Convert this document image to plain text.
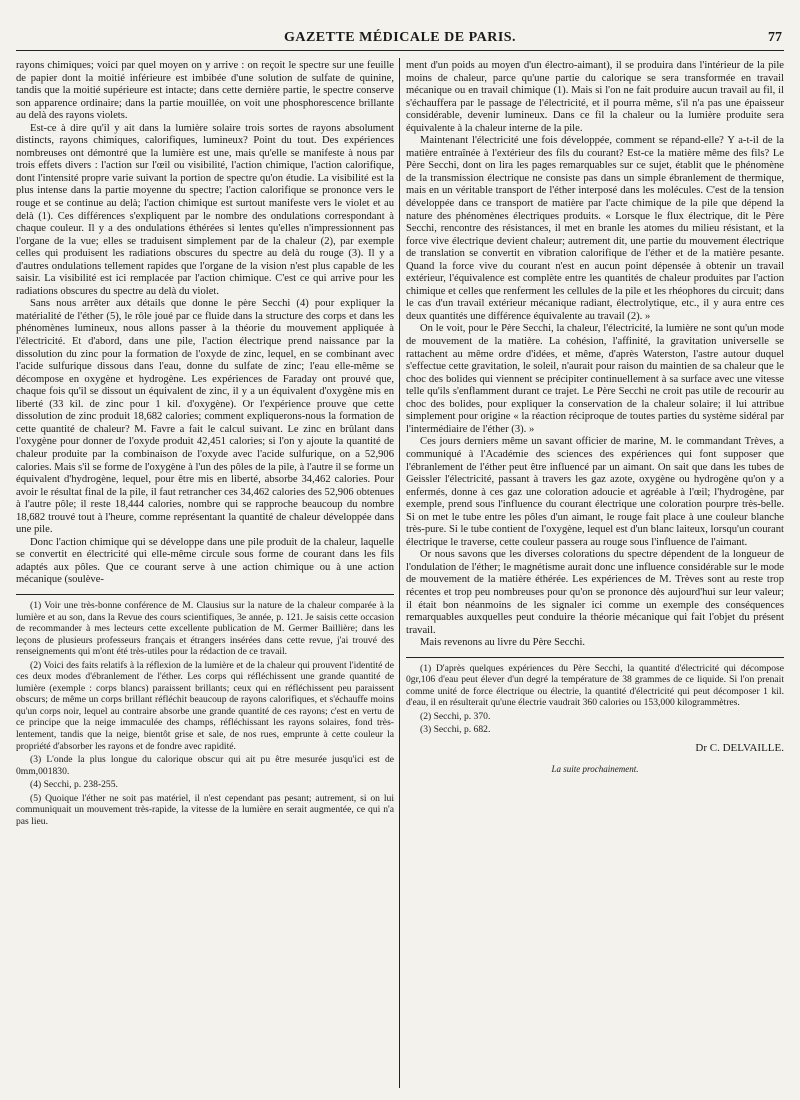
GAZETTE MÉDICALE DE PARIS.	77

rayons chimiques; voici par quel moyen on y arrive : on reçoit le spectre sur une feuille de papier dont la moitié inférieure est imbibée d'une solution de sulfate de quinine, tandis que la moitié supérieure est intacte; dans cette dernière partie, le spectre conserve son apparence ordinaire; dans la partie mouillée, on voit une phosphorescence brillante au delà des rayons violets.

Est-ce à dire qu'il y ait dans la lumière solaire trois sortes de rayons absolument distincts, rayons chimiques, calorifiques, lumineux? Point du tout. Des expériences nombreuses ont démontré que la lumière est une, mais qu'elle se manifeste à nous par trois effets divers : l'action sur l'œil ou visibilité, l'action chimique, l'action calorifique, dont l'intensité propre varie suivant la portion de spectre qu'on étudie. La visibilité est la plus intense dans la partie moyenne du spectre; l'action calorifique se prononce vers le rouge et se continue au delà; l'action chimique est surtout manifeste vers le violet et au delà (1). Ces différences s'expliquent par le nombre des ondulations correspondant à chaque couleur. Il y a des ondulations éthérées si lentes qu'elles n'impressionnent pas l'organe de la vue; elles se traduisent simplement par de la chaleur (2), par exemple celles qui produisent les radiations obscures du spectre au delà du rouge (3). Il y a d'autres ondulations tellement rapides que l'organe de la vision n'est plus capable de les saisir. La visibilité est ici remplacée par l'action chimique. C'est ce qui arrive pour les radiations obscures du spectre au delà du violet.

Sans nous arrêter aux détails que donne le père Secchi (4) pour expliquer la matérialité de l'éther (5), le rôle joué par ce fluide dans la structure des corps et dans les phénomènes lumineux, nous allons passer à la théorie du mouvement appliquée à l'électricité. Et d'abord, dans une pile, l'action électrique prend naissance par la dissolution du zinc pour la formation de l'oxyde de zinc, lequel, en se combinant avec l'acide sulfurique dissous dans l'eau, donne du sulfate de zinc; l'eau elle-même se décompose en oxygène et hydrogène. Les expériences de Faraday ont prouvé que, chaque fois qu'il se dissout un équivalent de zinc, il y a un équivalent d'oxygène mis en liberté (33 kil. de zinc pour 1 kil. d'oxygène). Or l'expérience prouve que cette dissolution de zinc produit 18,682 calories; comment expliquerons-nous la formation de cette quantité de chaleur? M. Favre a fait le calcul suivant. Le zinc en brûlant dans l'oxygène pour donner de l'oxyde produit 42,451 calories; si l'on y ajoute la quantité de chaleur produite par la combinaison de l'oxyde avec l'acide sulfurique, on a 52,906 calories. Mais s'il se forme de l'oxygène à l'un des pôles de la pile, à l'autre il se forme un équivalent d'hydrogène, lequel, pour être mis en liberté, absorbe 34,462 calories. Pour avoir le résultat final de la pile, il faut retrancher ces 34,462 calories des 52,906 obtenues à l'autre pôle; il reste 18,444 calories, nombre qui se rapproche beaucoup du nombre 18,682 trouvé tout à l'heure, comme représentant la quantité de chaleur développée dans une pile.

Donc l'action chimique qui se développe dans une pile produit de la chaleur, laquelle se convertit en électricité qui elle-même circule sous forme de courant dans les fils adaptés aux pôles. Que ce courant serve à une action chimique ou à une action mécanique (soulève-

(1) Voir une très-bonne conférence de M. Clausius sur la nature de la chaleur comparée à la lumière et au son, dans la Revue des cours scientifiques, 3e année, p. 121. Je saisis cette occasion de recommander à mes lecteurs cette excellente publication de M. Germer Baillière; dans les leçons de plusieurs professeurs français et étrangers insérées dans cette revue, j'ai trouvé des renseignements qui m'ont été très-utiles pour la rédaction de ce travail.

(2) Voici des faits relatifs à la réflexion de la lumière et de la chaleur qui prouvent l'identité de ces deux modes d'ébranlement de l'éther. Les corps qui réfléchissent une grande quantité de lumière (exemple : corps blancs) paraissent brillants; ceux qui en réfléchissent peu paraissent obscurs; de même un corps brillant réfléchit beaucoup de rayons calorifiques, et s'échauffe moins qu'un corps noir, lequel au contraire absorbe une grande quantité de ces rayons; c'est en vertu de ce principe que la neige immaculée des champs, réfléchissant les rayons solaires, fond très-lentement, tandis que la neige, bientôt grise et sale, de nos rues, emprunte à cette couleur la propriété d'absorber les rayons et de fondre avec rapidité.

(3) L'onde la plus longue du calorique obscur qui ait pu être mesurée jusqu'ici est de 0mm,001830.

(4) Secchi, p. 238-255.

(5) Quoique l'éther ne soit pas matériel, il n'est cependant pas pesant; autrement, si on lui communiquait un mouvement très-rapide, la vitesse de la lumière en serait augmentée, ce qui n'a pas lieu.

ment d'un poids au moyen d'un électro-aimant), il se produira dans l'intérieur de la pile moins de chaleur, parce qu'une partie du calorique se sera transformée en travail mécanique ou en travail chimique (1). Mais si l'on ne fait produire aucun travail au fil, il s'échauffera par le passage de l'électricité, et il pourra même, s'il n'a pas une épaisseur considérable, devenir lumineux. Dans ce fil la chaleur ou la lumière produite sera équivalente à la chaleur interne de la pile.

Maintenant l'électricité une fois développée, comment se répand-elle? Y a-t-il de la matière entraînée à l'extérieur des fils du courant? Est-ce la matière même des fils? Le Père Secchi, dont on lira les pages remarquables sur ce sujet, établit que le phénomène de la transmission électrique ne consiste pas dans un simple ébranlement de thermique, mais en un véritable transport de l'éther interposé dans les molécules. C'est de la tension développée dans ce transport de matière par l'acte chimique de la pile que dépend la nature des phénomènes électriques produits. « Lorsque le flux électrique, dit le Père Secchi, rencontre des résistances, il met en branle les atomes du milieu résistant, et la force vive électrique devient chaleur; autrement dit, une partie du mouvement électrique de translation se convertit en vibration calorifique de l'éther et de la matière pesante. Quand la force vive du courant n'est en aucun point dépensée à obtenir un travail extérieur, l'équivalence est complète entre les quantités de chaleur produites par l'action chimique et celles que renferment les cellules de la pile et les rhéophores du circuit; dans le cas d'un travail extérieur mécanique radiant, électrolytique, etc., il y aura entre ces deux quantités une différence équivalente au travail (2). »

On le voit, pour le Père Secchi, la chaleur, l'électricité, la lumière ne sont qu'un mode de mouvement de la matière. La cohésion, l'affinité, la gravitation universelle se rattachent au même ordre d'idées, et même, d'après Waterston, l'astre autour duquel s'effectue cette gravitation, le soleil, n'aurait pour raison du maintien de sa chaleur que le choc des bolides qui viennent se précipiter continuellement à sa surface avec une vitesse telle qu'ils s'enflamment durant ce trajet. Le Père Secchi ne croit pas utile de recourir au choc des bolides, pour expliquer la conservation de la chaleur solaire; il lui attribue simplement pour origine « la réaction réciproque de toutes parties du système sidéral par l'intermédiaire de l'éther (3). »

Ces jours derniers même un savant officier de marine, M. le commandant Trèves, a communiqué à l'Académie des sciences des expériences qui font supposer que l'ébranlement de l'éther peut être influencé par un aimant. On sait que dans les tubes de Geissler l'électricité, passant à travers les gaz azote, oxygène ou hydrogène qu'on y a enfermés, donne à ces gaz une coloration adoucie et agréable à l'œil; l'hydrogène, par exemple, prend sous l'influence du courant électrique une coloration pourpre très-belle. Si on met le tube entre les pôles d'un aimant, le rouge fait place à une couleur blanche très-pure. Si le tube contient de l'oxygène, lequel est d'un blanc laiteux, lorsqu'un courant électrique le traverse, cette couleur passera au rouge sous l'influence de l'aimant.

Or nous savons que les diverses colorations du spectre dépendent de la longueur de l'ondulation de l'éther; le magnétisme aurait donc une influence considérable sur le mode de mouvement de la matière éthérée. Les expériences de M. Trèves sont au reste trop récentes et trop peu nombreuses pour qu'on se prononce dès aujourd'hui sur leur valeur; il était bon néanmoins de les signaler ici comme un exemple des conséquences remarquables auxquelles peut conduire la théorie mécanique qui fait l'objet du présent travail.

Mais revenons au livre du Père Secchi.

(1) D'après quelques expériences du Père Secchi, la quantité d'électricité qui décompose 0gr,106 d'eau peut élever d'un degré la température de 38 grammes de ce liquide. Si l'on prenait comme unité de force électrique ou électrie, la quantité d'électricité qui peut décomposer 1 kil. d'eau, il en résulterait qu'une électrie vaudrait 360 calories ou 153,000 kilogrammètres.

(2) Secchi, p. 370.

(3) Secchi, p. 682.

Dr C. DELVAILLE.
La suite prochainement.
